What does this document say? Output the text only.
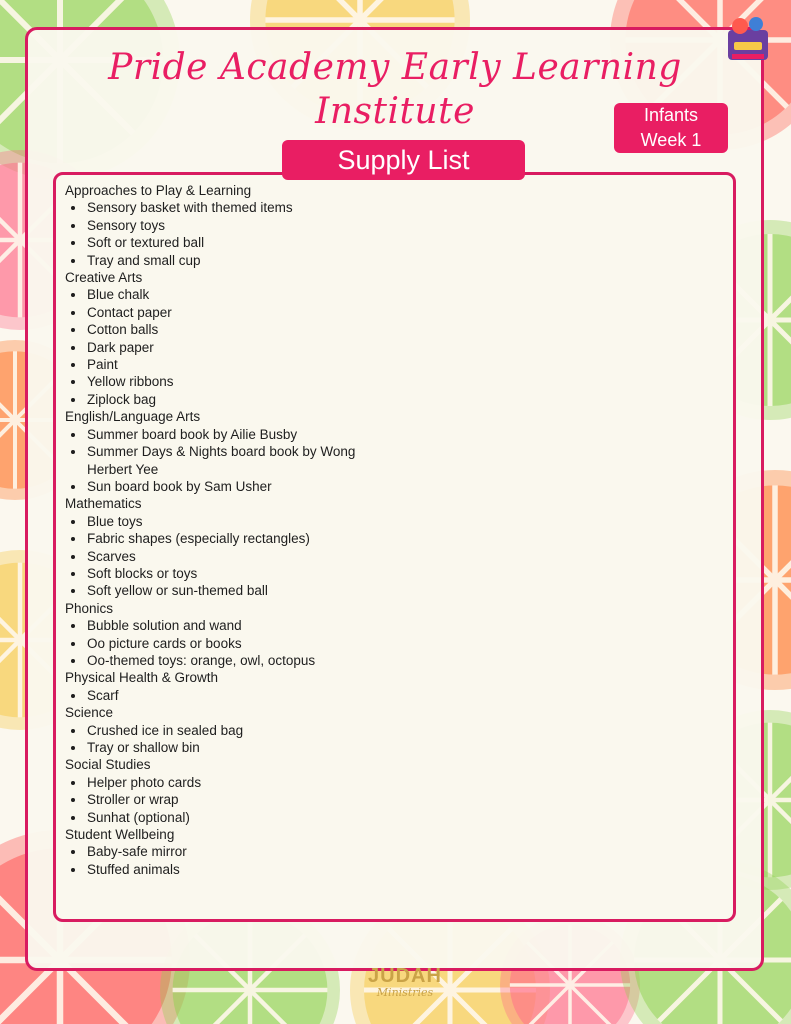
Pride Academy Early Learning Institute	Infants
Week 1
Supply List
Approaches to Play & Learning
• Sensory basket with themed items
• Sensory toys
• Soft or textured ball
• Tray and small cup
Creative Arts
• Blue chalk
• Contact paper
• Cotton balls
• Dark paper
• Paint
• Yellow ribbons
• Ziplock bag
English/Language Arts
• Summer board book by Ailie Busby
• Summer Days & Nights board book by Wong Herbert Yee
• Sun board book by Sam Usher
Mathematics
• Blue toys
• Fabric shapes (especially rectangles)
• Scarves
• Soft blocks or toys
• Soft yellow or sun-themed ball
Phonics
• Bubble solution and wand
• Oo picture cards or books
• Oo-themed toys: orange, owl, octopus
Physical Health & Growth
• Scarf
Science
• Crushed ice in sealed bag
• Tray or shallow bin
Social Studies
• Helper photo cards
• Stroller or wrap
• Sunhat (optional)
Student Wellbeing
• Baby-safe mirror
• Stuffed animals
JUDAH
Ministries
